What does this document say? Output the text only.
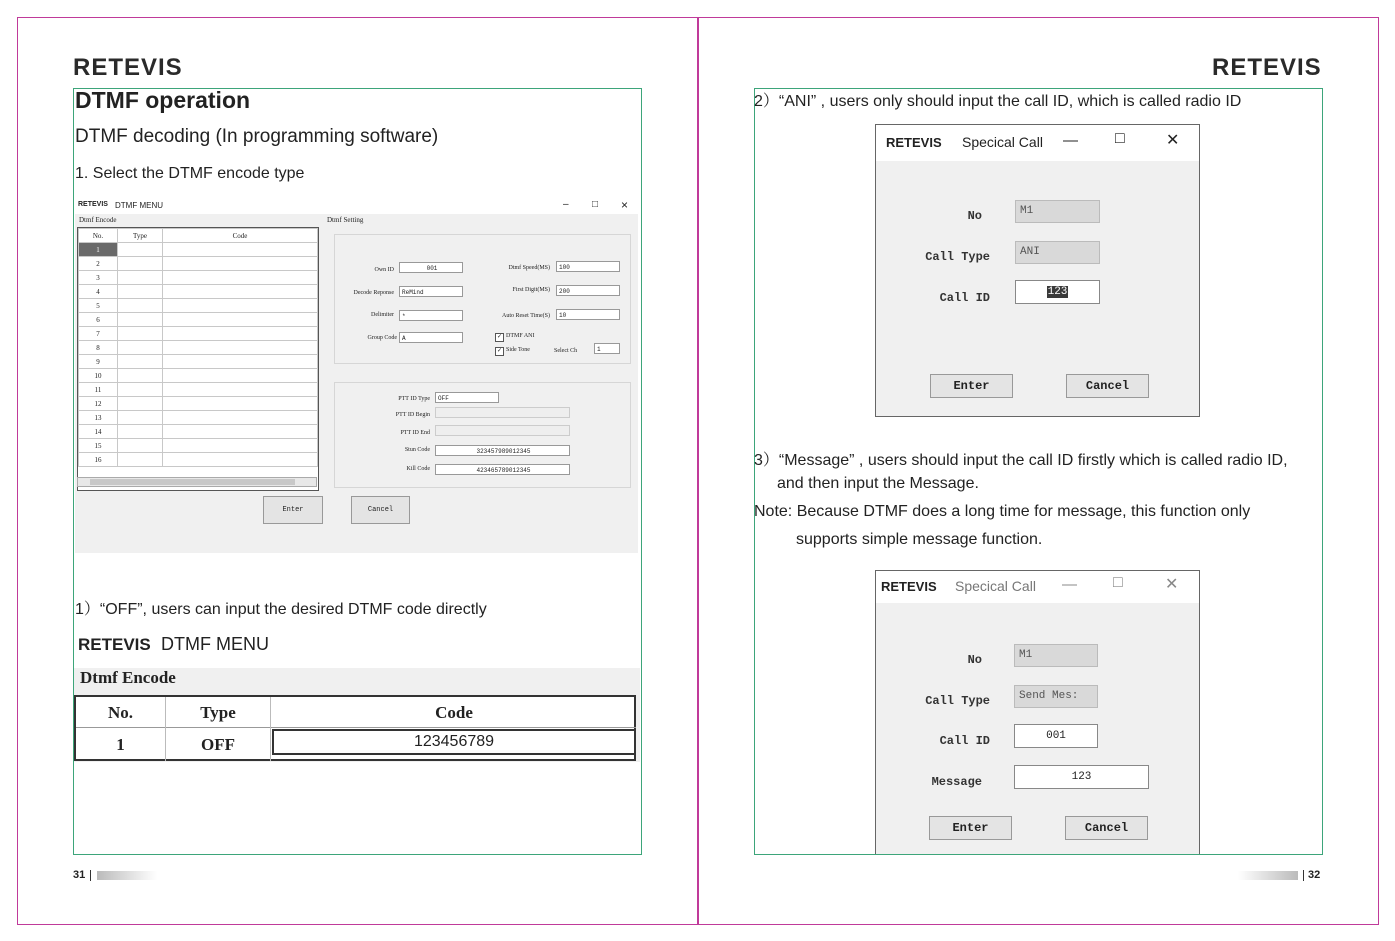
RETEVIS
DTMF operation
DTMF decoding (In programming software)
1. Select the DTMF encode type
RETEVIS DTMF MENU	– □ ×
Dtmf Encode	Dtmf Setting
No.	Type	Code
1		
2		
3		
4		
5		
6		
7		
8		
9		
10		
11		
12		
13		
14		
15		
16		
Own ID	001
Decode Reponse	ReMind
Delimiter	*
Group Code A
Dtmf Speed(MS)	100
First Digit(MS)	200
Auto Reset Time(S)	10
✓ DTMF ANI
✓ Side Tone	Select Ch	1
PTT ID Type	OFF
PTT ID Begin
PTT ID End
Stun Code	323457989012345
Kill Code	423465789012345
Enter	Cancel
1）“OFF”, users can input the desired DTMF code directly
RETEVIS DTMF MENU
Dtmf Encode
No.	Type	Code
1	OFF	123456789
31
RETEVIS
2）“ANI” , users only should input the call ID, which is called radio ID
RETEVIS Specical Call — □	✕
No	M1
Call Type	ANI
Call ID	123
Enter	Cancel
3）“Message” , users should input the call ID firstly which is called radio ID,
and then input the Message.
Note: Because DTMF does a long time for message, this function only
supports simple message function.
RETEVIS Specical Call — □	✕
No	M1
Call Type	Send Mes:
Call ID	001
Message	123
Enter	Cancel
32
